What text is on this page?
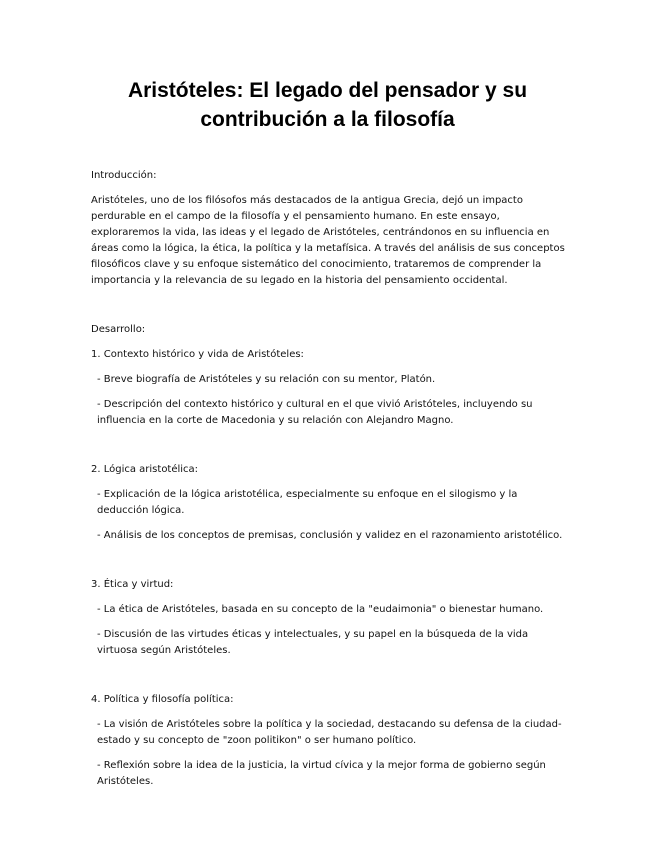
Aristóteles: El legado del pensador y su contribución a la filosofía

Introducción:

Aristóteles, uno de los filósofos más destacados de la antigua Grecia, dejó un impacto perdurable en el campo de la filosofía y el pensamiento humano. En este ensayo, exploraremos la vida, las ideas y el legado de Aristóteles, centrándonos en su influencia en áreas como la lógica, la ética, la política y la metafísica. A través del análisis de sus conceptos filosóficos clave y su enfoque sistemático del conocimiento, trataremos de comprender la importancia y la relevancia de su legado en la historia del pensamiento occidental.

Desarrollo:

1. Contexto histórico y vida de Aristóteles:

- Breve biografía de Aristóteles y su relación con su mentor, Platón.

- Descripción del contexto histórico y cultural en el que vivió Aristóteles, incluyendo su influencia en la corte de Macedonia y su relación con Alejandro Magno.

2. Lógica aristotélica:

- Explicación de la lógica aristotélica, especialmente su enfoque en el silogismo y la deducción lógica.

- Análisis de los conceptos de premisas, conclusión y validez en el razonamiento aristotélico.

3. Ética y virtud:

- La ética de Aristóteles, basada en su concepto de la "eudaimonia" o bienestar humano.

- Discusión de las virtudes éticas y intelectuales, y su papel en la búsqueda de la vida virtuosa según Aristóteles.

4. Política y filosofía política:

- La visión de Aristóteles sobre la política y la sociedad, destacando su defensa de la ciudad-estado y su concepto de "zoon politikon" o ser humano político.

- Reflexión sobre la idea de la justicia, la virtud cívica y la mejor forma de gobierno según Aristóteles.
